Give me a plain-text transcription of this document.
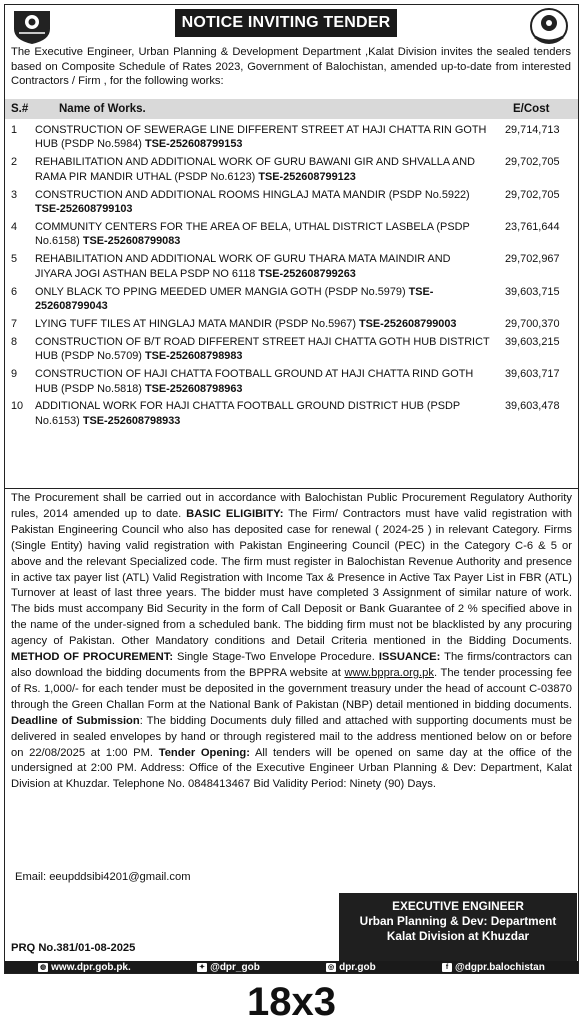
NOTICE INVITING TENDER
The Executive Engineer, Urban Planning & Development Department ,Kalat Division invites the sealed tenders based on Composite Schedule of Rates 2023, Government of Balochistan, amended up-to-date from interested Contractors / Firm , for the following works:
S.#	Name of Works.	E/Cost
1 CONSTRUCTION OF SEWERAGE LINE DIFFERENT STREET AT HAJI CHATTA RIN GOTH HUB (PSDP No.5984) TSE-252608799153
29,714,713
2 REHABILITATION AND ADDITIONAL WORK OF GURU BAWANI GIR AND SHVALLA AND RAMA PIR MANDIR UTHAL (PSDP No.6123) TSE-252608799123
29,702,705
3 CONSTRUCTION AND ADDITIONAL ROOMS HINGLAJ MATA MANDIR (PSDP No.5922) TSE-252608799103
29,702,705
4 COMMUNITY CENTERS FOR THE AREA OF BELA, UTHAL DISTRICT LASBELA (PSDP No.6158) TSE-252608799083
23,761,644
5 REHABILITATION AND ADDITIONAL WORK OF GURU THARA MATA MAINDIR AND JIYARA JOGI ASTHAN BELA PSDP NO 6118 TSE-252608799263
29,702,967
6 ONLY BLACK TO PPING MEEDED UMER MANGIA GOTH (PSDP No.5979) TSE-252608799043
39,603,715
7 LYING TUFF TILES AT HINGLAJ MATA MANDIR (PSDP No.5967) TSE-252608799003	29,700,370
8 CONSTRUCTION OF B/T ROAD DIFFERENT STREET HAJI CHATTA GOTH HUB DISTRICT HUB (PSDP No.5709) TSE-252608798983
39,603,215
9 CONSTRUCTION OF HAJI CHATTA FOOTBALL GROUND AT HAJI CHATTA RIND GOTH HUB (PSDP No.5818) TSE-252608798963
39,603,717
10 ADDITIONAL WORK FOR HAJI CHATTA FOOTBALL GROUND DISTRICT HUB (PSDP No.6153) TSE-252608798933
39,603,478
The Procurement shall be carried out in accordance with Balochistan Public Procurement Regulatory Authority rules, 2014 amended up to date. BASIC ELIGIBITY: The Firm/ Contractors must have valid registration with Pakistan Engineering Council who also has deposited case for renewal ( 2024-25 ) in relevant Category. Firms (Single Entity) having valid registration with Pakistan Engineering Council (PEC) in the Category C-6 & 5 or above and the relevant Specialized code. The firm must register in Balochistan Revenue Authority and presence in active tax payer list (ATL) Valid Registration with Income Tax & Presence in Active Tax Payer List in FBR (ATL) Turnover at least of last three years. The bidder must have completed 3 Assignment of similar nature of work. The bids must accompany Bid Security in the form of Call Deposit or Bank Guarantee of 2 % specified above in the name of the under-signed from a scheduled bank. The bidding firm must not be blacklisted by any procuring agency of Pakistan. Other Mandatory conditions and Detail Criteria mentioned in the Bidding Documents. METHOD OF PROCUREMENT: Single Stage-Two Envelope Procedure. ISSUANCE: The firms/contractors can also download the bidding documents from the BPPRA website at www.bppra.org.pk. The tender processing fee of Rs. 1,000/- for each tender must be deposited in the government treasury under the head of account C-03870 through the Green Challan Form at the National Bank of Pakistan (NBP) detail mentioned in bidding documents. Deadline of Submission: The bidding Documents duly filled and attached with supporting documents must be delivered in sealed envelopes by hand or through registered mail to the address mentioned below on or before on 22/08/2025 at 1:00 PM. Tender Opening: All tenders will be opened on same day at the office of the undersigned at 2:00 PM. Address: Office of the Executive Engineer Urban Planning & Dev: Department, Kalat Division at Khuzdar. Telephone No. 0848413467 Bid Validity Period: Ninety (90) Days.
Email: eeupddsibi4201@gmail.com
EXECUTIVE ENGINEER
Urban Planning & Dev: Department
Kalat Division at Khuzdar
PRQ No.381/01-08-2025
◍ www.dpr.gob.pk.	✦ @dpr_gob	◎ dpr.gob	f @dgpr.balochistan
18x3
